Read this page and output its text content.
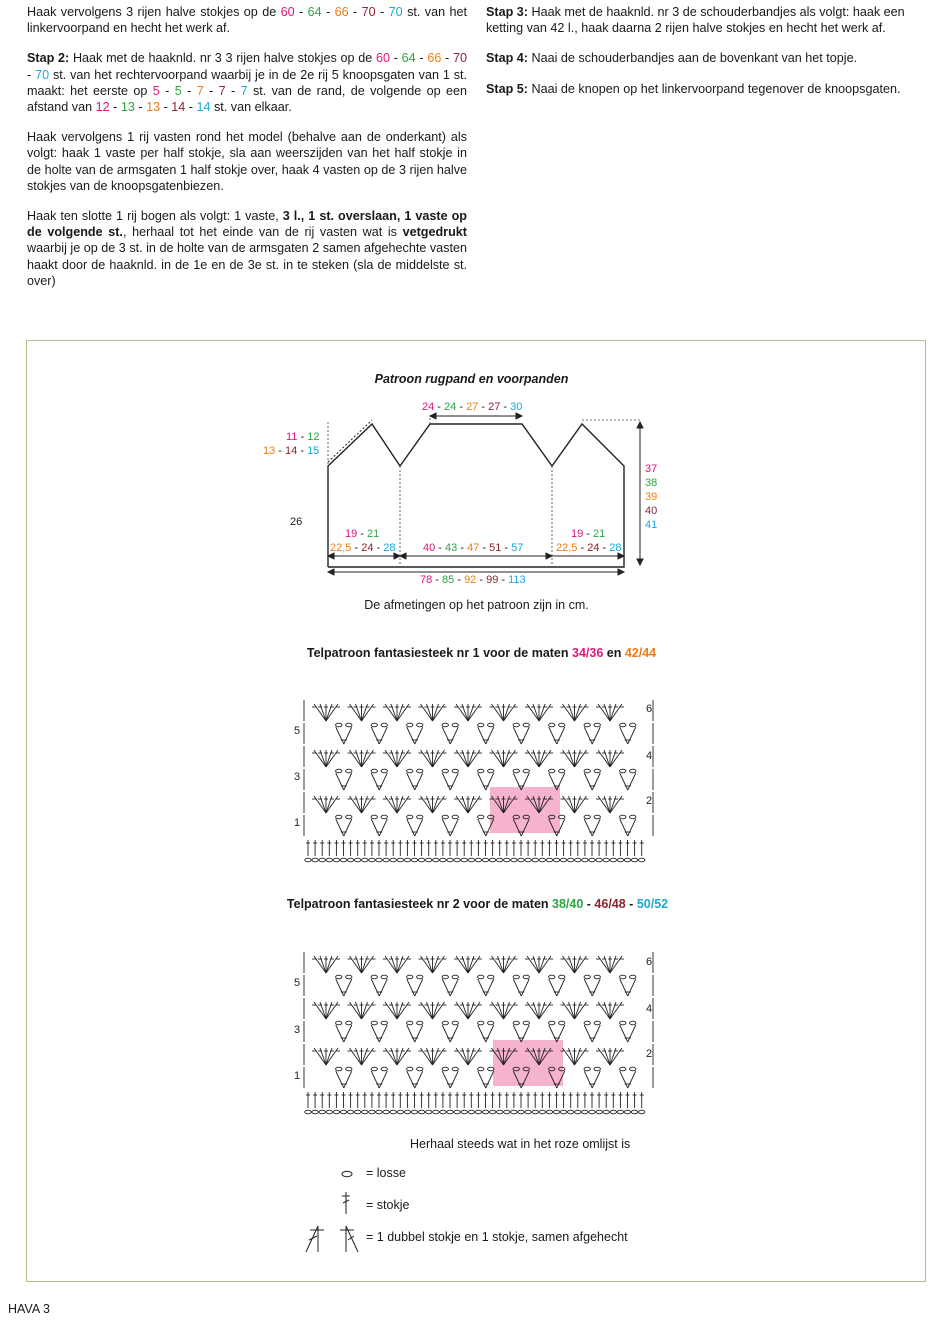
Haak vervolgens 3 rijen halve stokjes op de 60 - 64 - 66 - 70 - 70 st. van het linkervoorpand en hecht het werk af.

Stap 2: Haak met de haaknld. nr 3 3 rijen halve stokjes op de 60 - 64 - 66 - 70 - 70 st. van het rechtervoorpand waarbij je in de 2e rij 5 knoopsgaten van 1 st. maakt: het eerste op 5 - 5 - 7 - 7 - 7 st. van de rand, de volgende op een afstand van 12 - 13 - 13 - 14 - 14 st. van elkaar.

Haak vervolgens 1 rij vasten rond het model (behalve aan de onderkant) als volgt: haak 1 vaste per half stokje, sla aan weerszijden van het half stokje in de holte van de armsgaten 1 half stokje over, haak 4 vasten op de 3 rijen halve stokjes van de knoopsgatenbiezen.

Haak ten slotte 1 rij bogen als volgt: 1 vaste, 3 l., 1 st. overslaan, 1 vaste op de volgende st., herhaal tot het einde van de rij vasten wat is vetgedrukt waarbij je op de 3 st. in de holte van de armsgaten 2 samen afgehechte vasten haakt door de haaknld. in de 1e en de 3e st. in te steken (sla de middelste st. over)

Stap 3: Haak met de haaknld. nr 3 de schouderbandjes als volgt: haak een ketting van 42 l., haak daarna 2 rijen halve stokjes en hecht het werk af.

Stap 4: Naai de schouderbandjes aan de bovenkant van het topje.

Stap 5: Naai de knopen op het linkervoorpand tegenover de knoopsgaten.

Patroon rugpand en voorpanden
24 - 24 - 27 - 27 - 30
11 - 12
13 - 14 - 15
26
37
38
39
40
41
19 - 21
22,5 - 24 - 28	40 - 43 - 47 - 51 - 57
19 - 21
22,5 - 24 - 28
78 - 85 - 92 - 99 - 113
De afmetingen op het patroon zijn in cm.
Telpatroon fantasiesteek nr 1 voor de maten 34/36 en 42/44
5
3
1
6
4
2
Telpatroon fantasiesteek nr 2 voor de maten 38/40 - 46/48 - 50/52
5
3
1
6
4
2
Herhaal steeds wat in het roze omlijst is
= losse
= stokje
= 1 dubbel stokje en 1 stokje, samen afgehecht
HAVA 3
